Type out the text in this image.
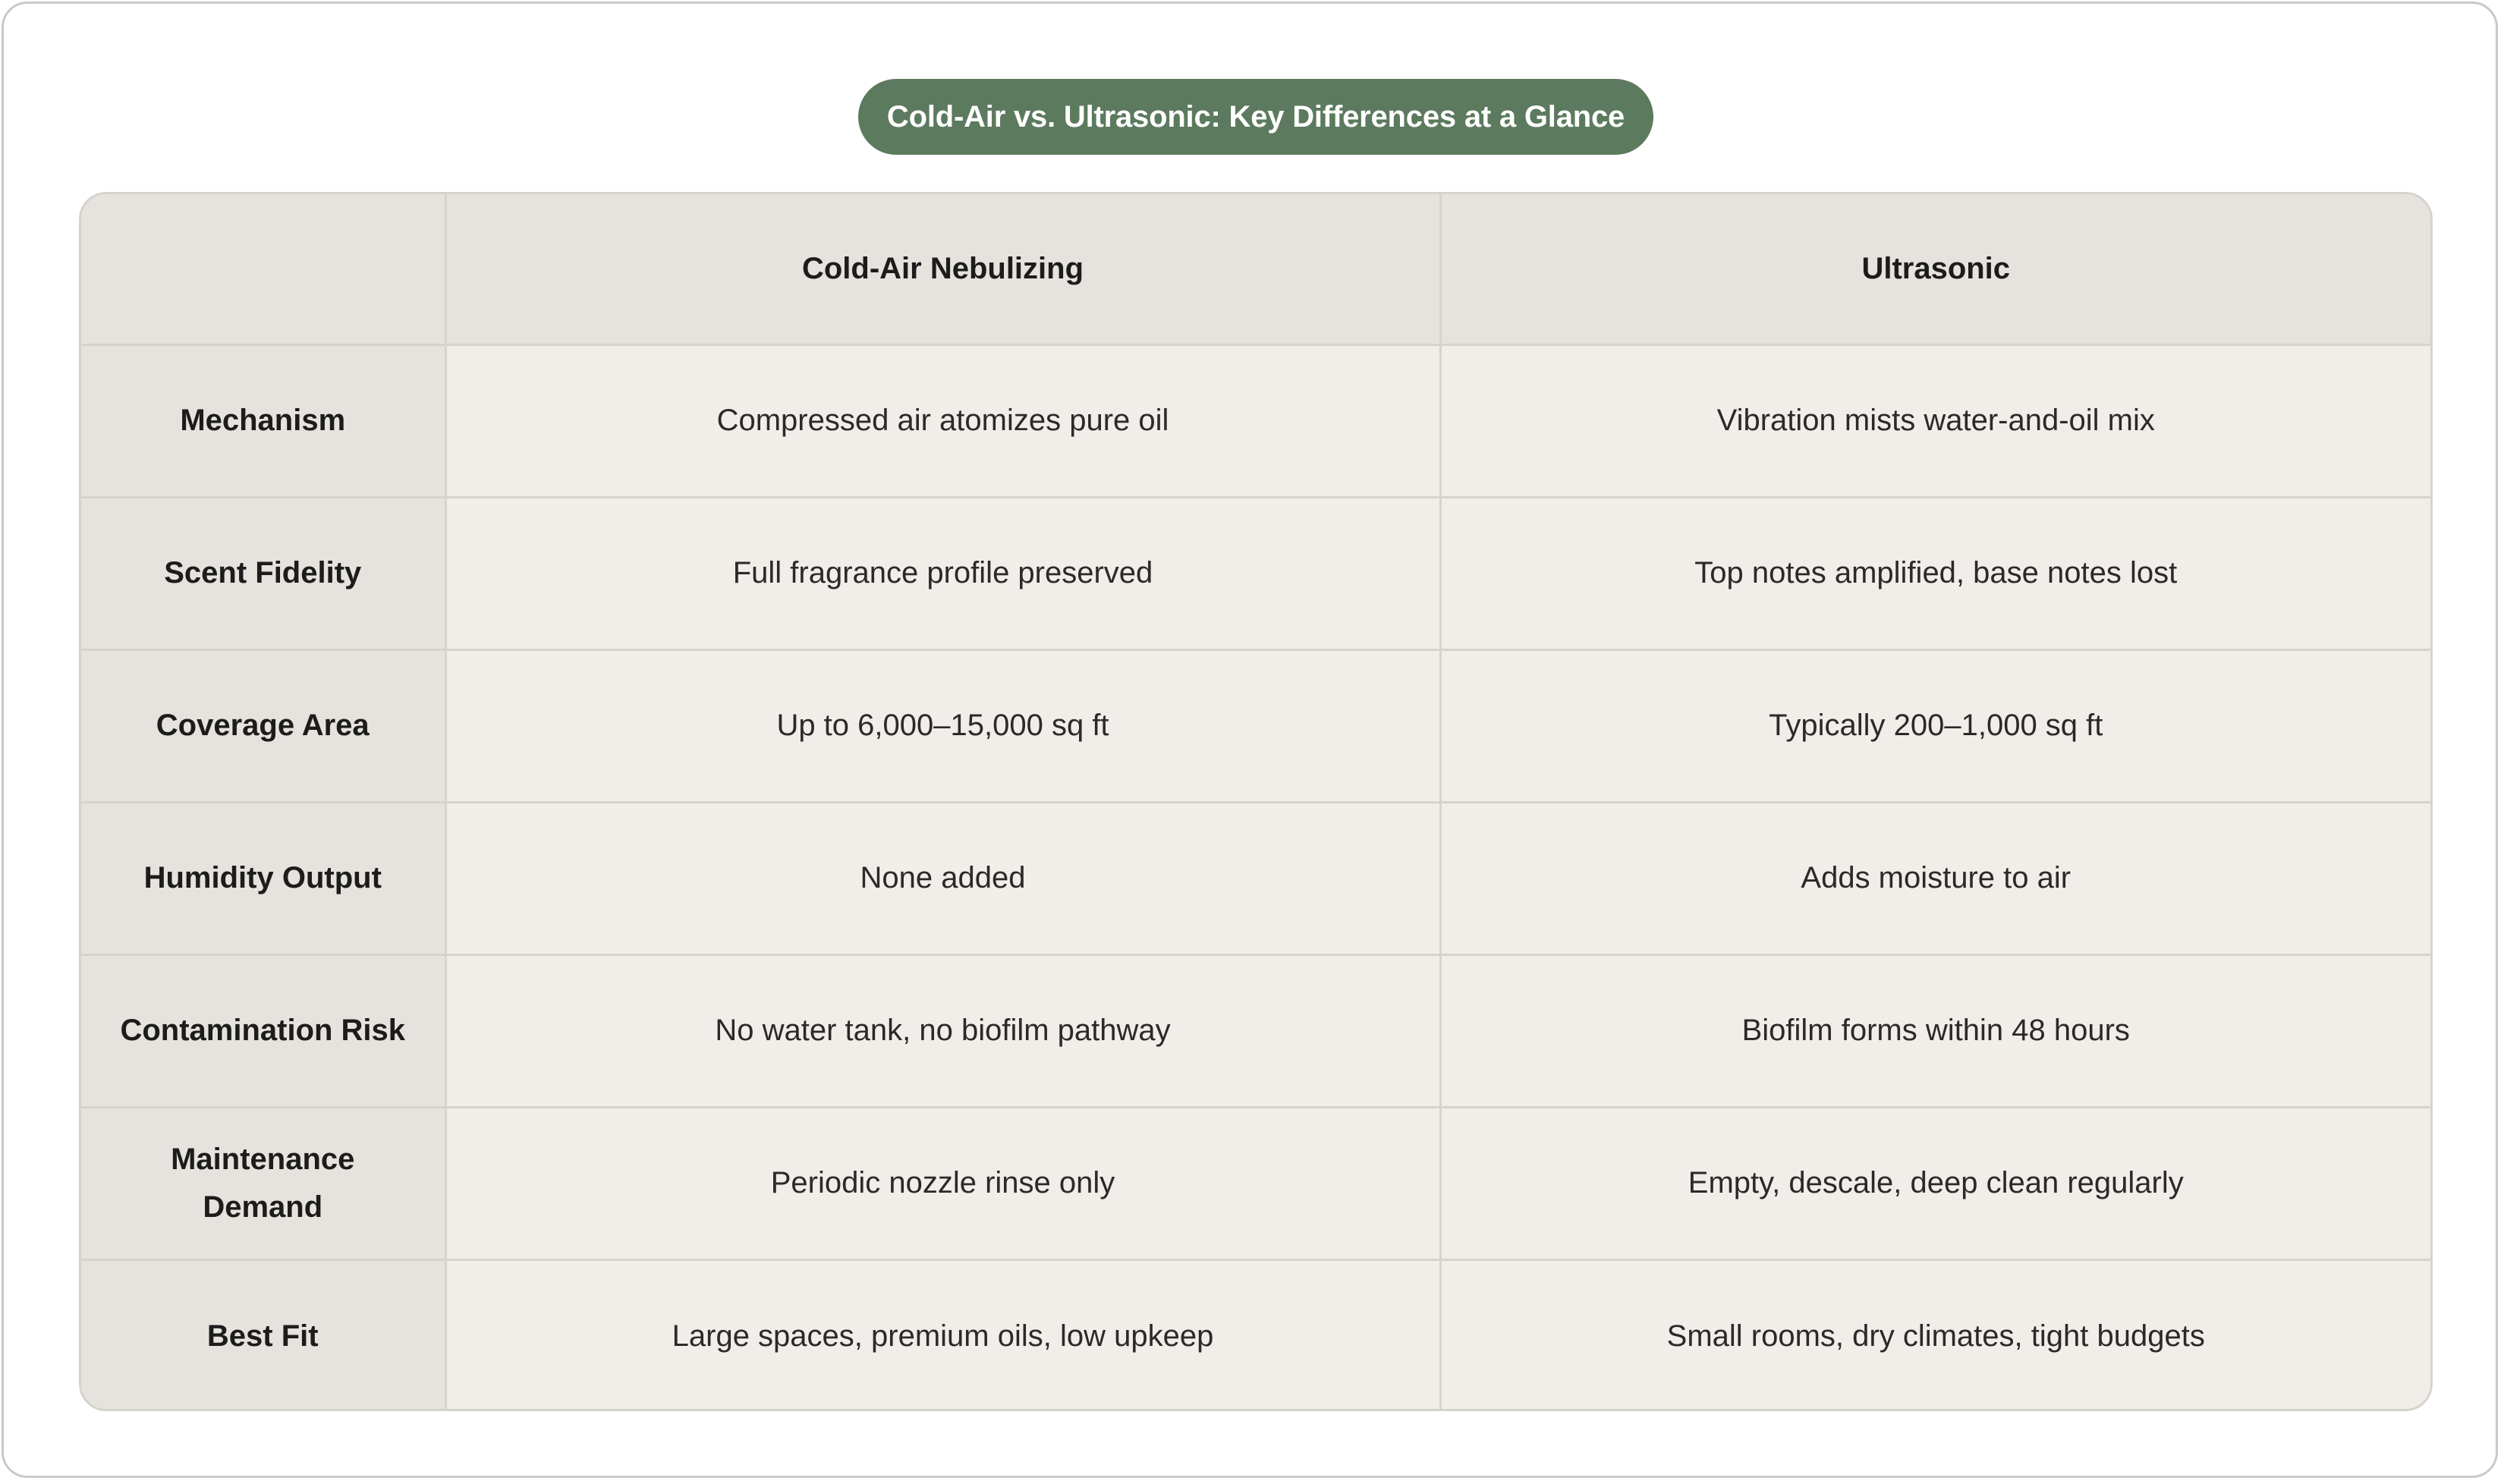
Cold-Air vs. Ultrasonic: Key Differences at a Glance
	Cold-Air Nebulizing	Ultrasonic
Mechanism	Compressed air atomizes pure oil	Vibration mists water-and-oil mix
Scent Fidelity	Full fragrance profile preserved	Top notes amplified, base notes lost
Coverage Area	Up to 6,000–15,000 sq ft	Typically 200–1,000 sq ft
Humidity Output	None added	Adds moisture to air
Contamination Risk	No water tank, no biofilm pathway	Biofilm forms within 48 hours
Maintenance Demand	Periodic nozzle rinse only	Empty, descale, deep clean regularly
Best Fit	Large spaces, premium oils, low upkeep	Small rooms, dry climates, tight budgets
